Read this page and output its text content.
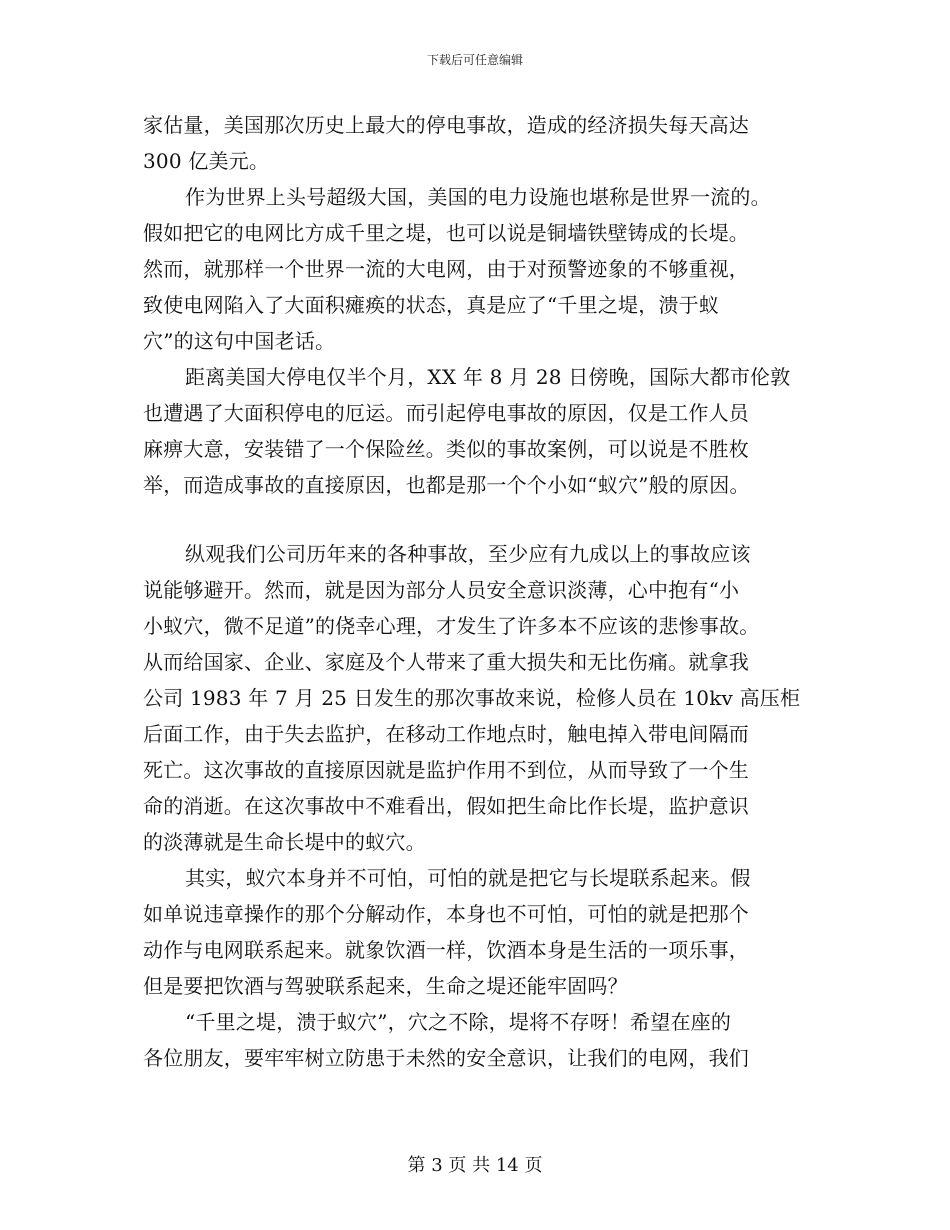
下载后可任意编辑
家估量，美国那次历史上最大的停电事故，造成的经济损失每天高达
300 亿美元。
作为世界上头号超级大国，美国的电力设施也堪称是世界一流的。
假如把它的电网比方成千里之堤，也可以说是铜墙铁壁铸成的长堤。
然而，就那样一个世界一流的大电网，由于对预警迹象的不够重视，
致使电网陷入了大面积瘫痪的状态，真是应了“千里之堤，溃于蚁
穴”的这句中国老话。
距离美国大停电仅半个月，XX 年 8 月 28 日傍晚，国际大都市伦敦
也遭遇了大面积停电的厄运。而引起停电事故的原因，仅是工作人员
麻痹大意，安装错了一个保险丝。类似的事故案例，可以说是不胜枚
举，而造成事故的直接原因，也都是那一个个小如“蚁穴”般的原因。
纵观我们公司历年来的各种事故，至少应有九成以上的事故应该
说能够避开。然而，就是因为部分人员安全意识淡薄，心中抱有“小
小蚁穴，微不足道”的侥幸心理，才发生了许多本不应该的悲惨事故。
从而给国家、企业、家庭及个人带来了重大损失和无比伤痛。就拿我
公司 1983 年 7 月 25 日发生的那次事故来说，检修人员在 10kv 高压柜
后面工作，由于失去监护，在移动工作地点时，触电掉入带电间隔而
死亡。这次事故的直接原因就是监护作用不到位，从而导致了一个生
命的消逝。在这次事故中不难看出，假如把生命比作长堤，监护意识
的淡薄就是生命长堤中的蚁穴。
其实，蚁穴本身并不可怕，可怕的就是把它与长堤联系起来。假
如单说违章操作的那个分解动作，本身也不可怕，可怕的就是把那个
动作与电网联系起来。就象饮酒一样，饮酒本身是生活的一项乐事，
但是要把饮酒与驾驶联系起来，生命之堤还能牢固吗？
“千里之堤，溃于蚁穴”，穴之不除，堤将不存呀！希望在座的
各位朋友，要牢牢树立防患于未然的安全意识，让我们的电网，我们
第 3 页 共 14 页
